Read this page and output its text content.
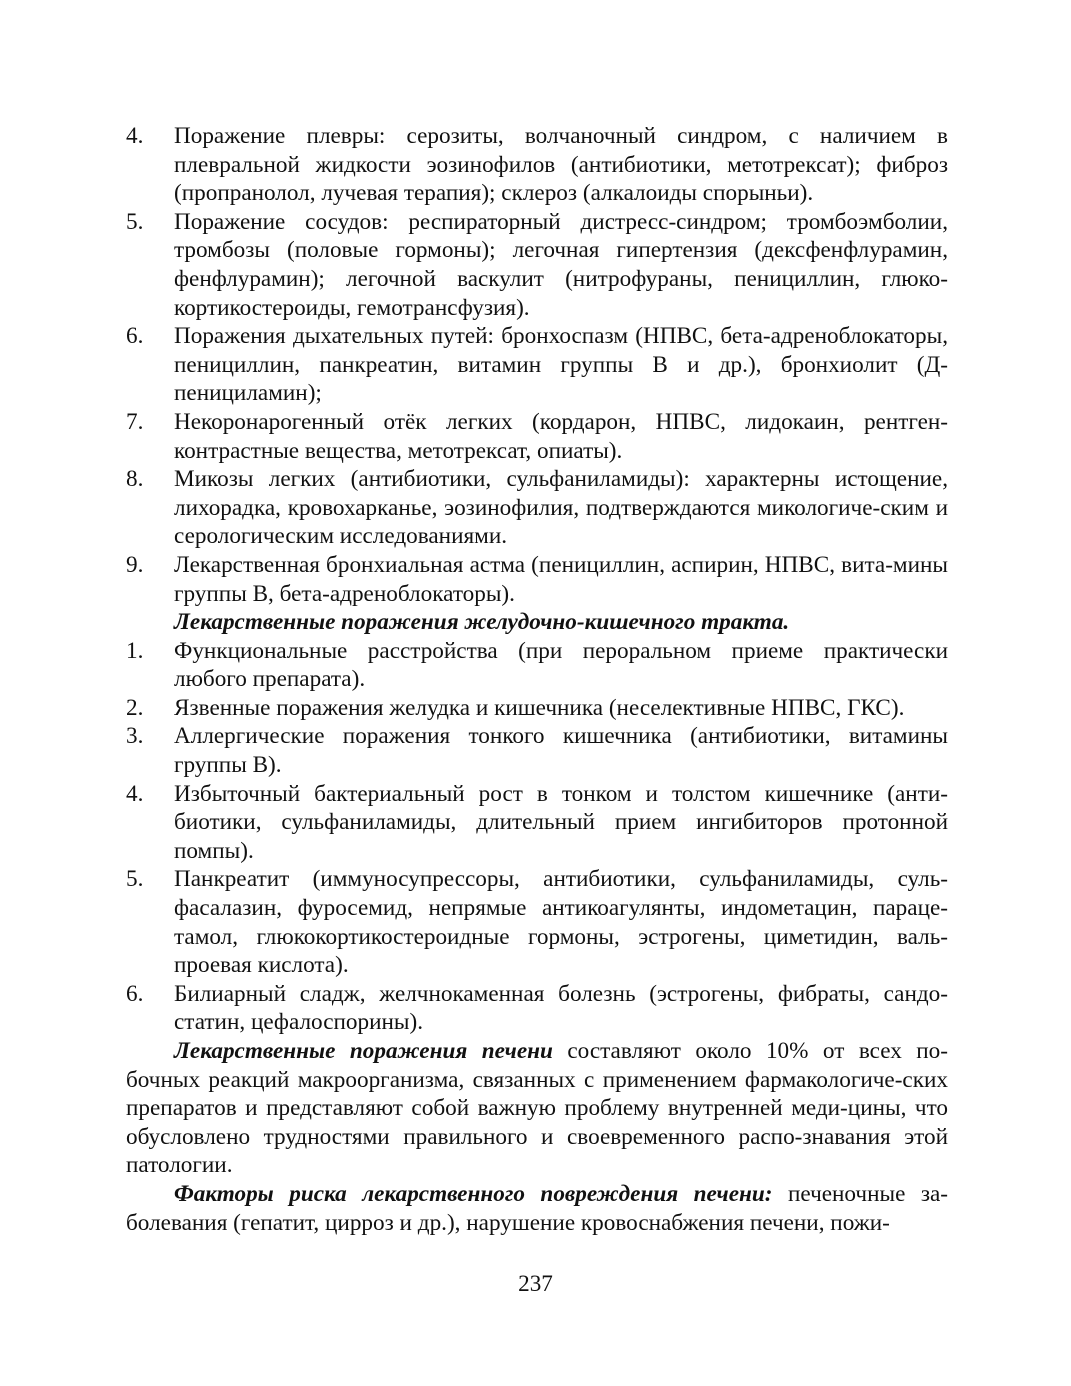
4. Поражение плевры: серозиты, волчаночный синдром, с наличием в плевральной жидкости эозинофилов (антибиотики, метотрексат); фиброз (пропранолол, лучевая терапия); склероз (алкалоиды спорыньи).
5. Поражение сосудов: респираторный дистресс-синдром; тромбоэмболии, тромбозы (половые гормоны); легочная гипертензия (дексфенфлурамин, фенфлурамин); легочной васкулит (нитрофураны, пенициллин, глюко-кортикостероиды, гемотрансфузия).
6. Поражения дыхательных путей: бронхоспазм (НПВС, бета-адреноблокаторы, пенициллин, панкреатин, витамин группы В и др.), бронхиолит (Д-пенициламин);
7. Некоронарогенный отёк легких (кордарон, НПВС, лидокаин, рентген-контрастные вещества, метотрексат, опиаты).
8. Микозы легких (антибиотики, сульфаниламиды): характерны истощение, лихорадка, кровохарканье, эозинофилия, подтверждаются микологиче-ским и серологическим исследованиями.
9. Лекарственная бронхиальная астма (пенициллин, аспирин, НПВС, вита-мины группы В, бета-адреноблокаторы).
Лекарственные поражения желудочно-кишечного тракта.
1. Функциональные расстройства (при пероральном приеме практически любого препарата).
2. Язвенные поражения желудка и кишечника (неселективные НПВС, ГКС).
3. Аллергические поражения тонкого кишечника (антибиотики, витамины группы В).
4. Избыточный бактериальный рост в тонком и толстом кишечнике (анти-биотики, сульфаниламиды, длительный прием ингибиторов протонной помпы).
5. Панкреатит (иммуносупрессоры, антибиотики, сульфаниламиды, суль-фасалазин, фуросемид, непрямые антикоагулянты, индометацин, параце-тамол, глюкокортикостероидные гормоны, эстрогены, циметидин, валь-проевая кислота).
6. Билиарный сладж, желчнокаменная болезнь (эстрогены, фибраты, сандо-статин, цефалоспорины).

Лекарственные поражения печени составляют около 10% от всех по-бочных реакций макроорганизма, связанных с применением фармакологиче-ских препаратов и представляют собой важную проблему внутренней меди-цины, что обусловлено трудностями правильного и своевременного распо-знавания этой патологии.

Факторы риска лекарственного повреждения печени: печеночные за-болевания (гепатит, цирроз и др.), нарушение кровоснабжения печени, пожи-

237
